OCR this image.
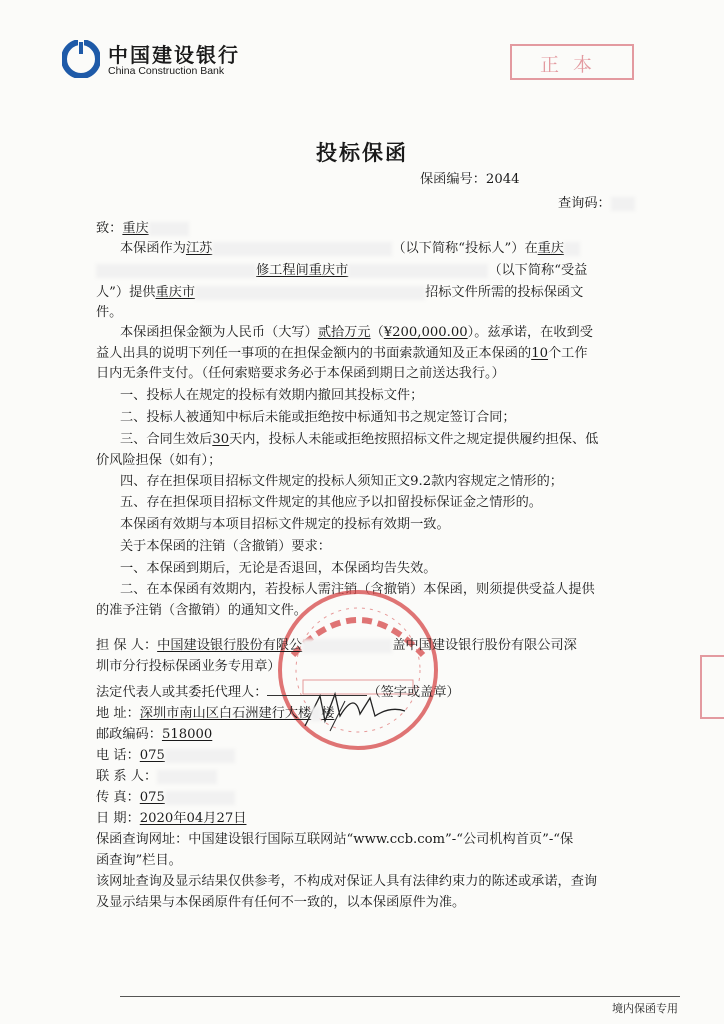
中国建设银行
China Construction Bank	正 本
投标保函
保函编号：2044
查询码：
致：重庆
本保函作为江苏	（以下简称“投标人”）在重庆
修工程间重庆市	（以下简称“受益
人”）提供重庆市	招标文件所需的投标保函文
件。
本保函担保金额为人民币（大写）贰拾万元（¥200,000.00）。兹承诺，在收到受
益人出具的说明下列任一事项的在担保金额内的书面索款通知及正本保函的10个工作
日内无条件支付。（任何索赔要求务必于本保函到期日之前送达我行。）
一、投标人在规定的投标有效期内撤回其投标文件；
二、投标人被通知中标后未能或拒绝按中标通知书之规定签订合同；
三、合同生效后30天内，投标人未能或拒绝按照招标文件之规定提供履约担保、低
价风险担保（如有）；
四、存在担保项目招标文件规定的投标人须知正文9.2款内容规定之情形的；
五、存在担保项目招标文件规定的其他应予以扣留投标保证金之情形的。
本保函有效期与本项目招标文件规定的投标有效期一致。
关于本保函的注销（含撤销）要求：
一、本保函到期后，无论是否退回，本保函均告失效。
二、在本保函有效期内，若投标人需注销（含撤销）本保函，则须提供受益人提供
的准予注销（含撤销）的通知文件。
担 保 人：中国建设银行股份有限公	盖中国建设银行股份有限公司深
圳市分行投标保函业务专用章）
法定代表人或其委托代理人：	（签字或盖章）
地 址：深圳市南山区白石洲建行大楼 楼
邮政编码：518000
电 话：075
联 系 人：
传 真：075
日 期：2020年04月27日
保函查询网址：中国建设银行国际互联网站“www.ccb.com”-“公司机构首页”-“保
函查询”栏目。
该网址查询及显示结果仅供参考，不构成对保证人具有法律约束力的陈述或承诺，查询
及显示结果与本保函原件有任何不一致的，以本保函原件为准。
境内保函专用
